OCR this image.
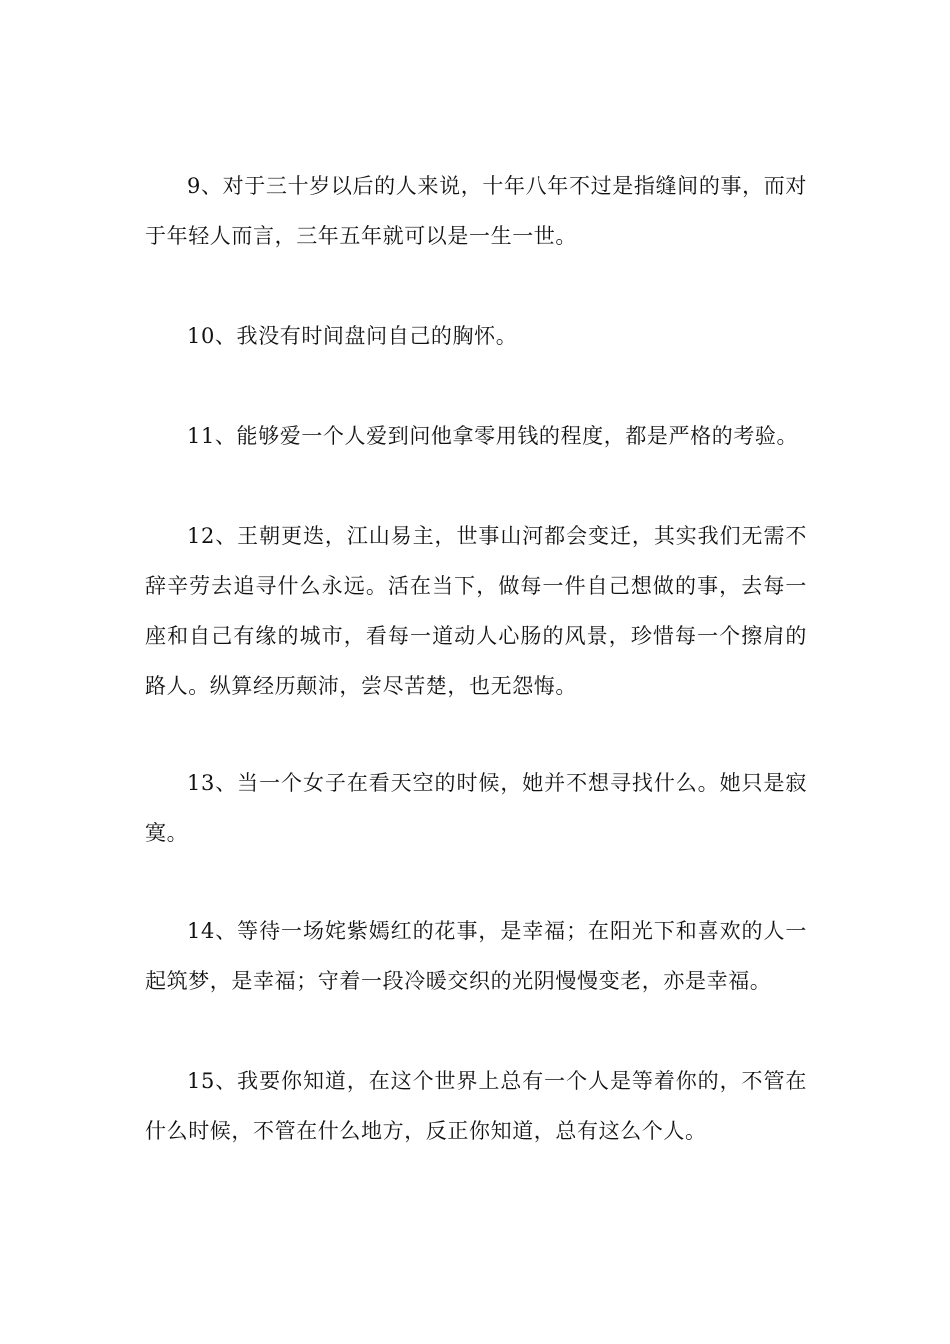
9、对于三十岁以后的人来说，十年八年不过是指缝间的事，而对于年轻人而言，三年五年就可以是一生一世。

10、我没有时间盘问自己的胸怀。

11、能够爱一个人爱到问他拿零用钱的程度，都是严格的考验。

12、王朝更迭，江山易主，世事山河都会变迁，其实我们无需不辞辛劳去追寻什么永远。活在当下，做每一件自己想做的事，去每一座和自己有缘的城市，看每一道动人心肠的风景，珍惜每一个擦肩的路人。纵算经历颠沛，尝尽苦楚，也无怨悔。

13、当一个女子在看天空的时候，她并不想寻找什么。她只是寂寞。

14、等待一场姹紫嫣红的花事，是幸福；在阳光下和喜欢的人一起筑梦，是幸福；守着一段冷暖交织的光阴慢慢变老，亦是幸福。

15、我要你知道，在这个世界上总有一个人是等着你的，不管在什么时候，不管在什么地方，反正你知道，总有这么个人。
